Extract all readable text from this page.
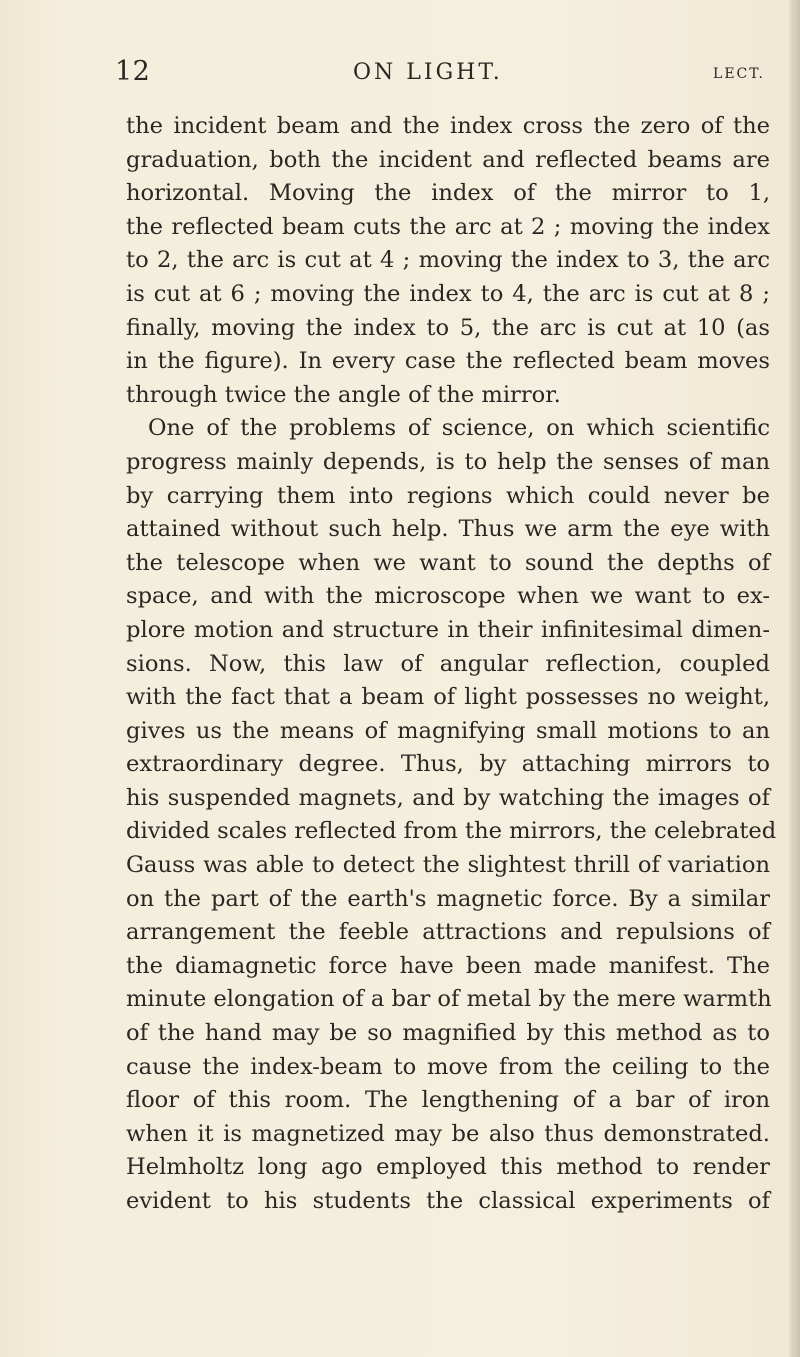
12	ON LIGHT.	LECT.
the incident beam and the index cross the zero of the
graduation, both the incident and reflected beams are
horizontal. Moving the index of the mirror to 1,
the reflected beam cuts the arc at 2 ; moving the index
to 2, the arc is cut at 4 ; moving the index to 3, the arc
is cut at 6 ; moving the index to 4, the arc is cut at 8 ;
finally, moving the index to 5, the arc is cut at 10 (as
in the figure). In every case the reflected beam moves
through twice the angle of the mirror.
One of the problems of science, on which scientific
progress mainly depends, is to help the senses of man
by carrying them into regions which could never be
attained without such help. Thus we arm the eye with
the telescope when we want to sound the depths of
space, and with the microscope when we want to ex-
plore motion and structure in their infinitesimal dimen-
sions. Now, this law of angular reflection, coupled
with the fact that a beam of light possesses no weight,
gives us the means of magnifying small motions to an
extraordinary degree. Thus, by attaching mirrors to
his suspended magnets, and by watching the images of
divided scales reflected from the mirrors, the celebrated
Gauss was able to detect the slightest thrill of variation
on the part of the earth's magnetic force. By a similar
arrangement the feeble attractions and repulsions of
the diamagnetic force have been made manifest. The
minute elongation of a bar of metal by the mere warmth
of the hand may be so magnified by this method as to
cause the index-beam to move from the ceiling to the
floor of this room. The lengthening of a bar of iron
when it is magnetized may be also thus demonstrated.
Helmholtz long ago employed this method to render
evident to his students the classical experiments of
